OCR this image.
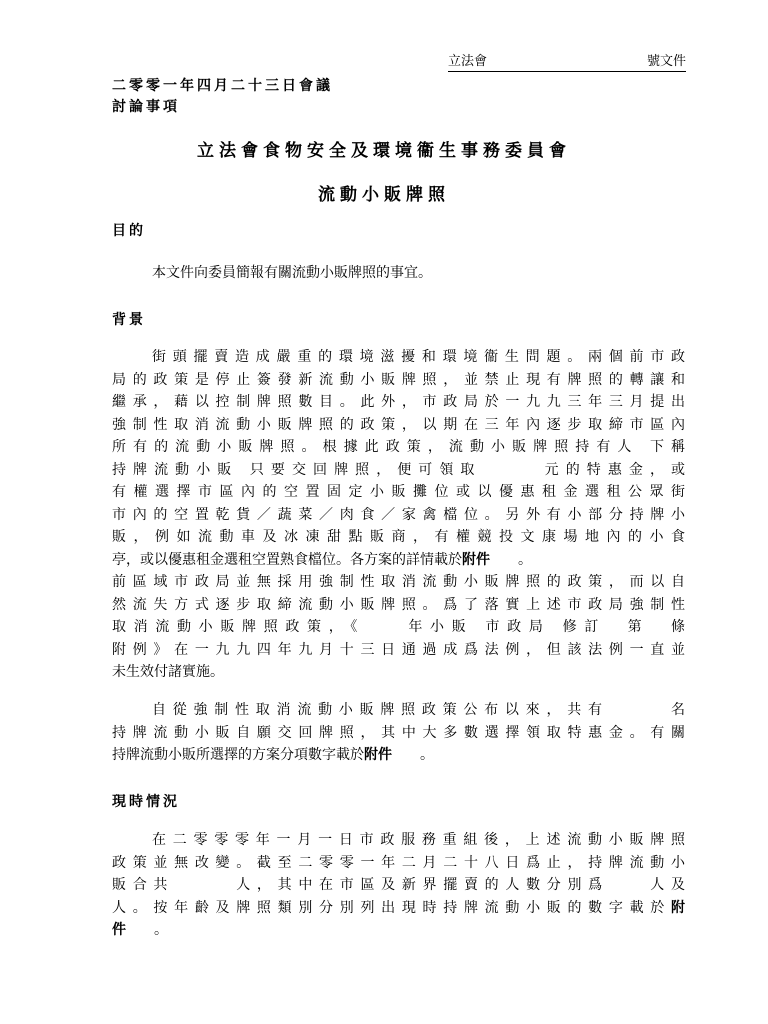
立法會	號文件
二零零一年四月二十三日會議
討論事項
立法會食物安全及環境衞生事務委員會
流動小販牌照
目的
本文件向委員簡報有關流動小販牌照的事宜。
背景
街頭擺賣造成嚴重的環境滋擾和環境衞生問題。兩個前市政
局的政策是停止簽發新流動小販牌照，並禁止現有牌照的轉讓和
繼承，藉以控制牌照數目。此外，市政局於一九九三年三月提出
強制性取消流動小販牌照的政策，以期在三年內逐步取締市區內
所有的流動小販牌照。根據此政策，流動小販牌照持有人 下稱
持牌流動小販 只要交回牌照，便可領取　　　元的特惠金，或
有權選擇市區內的空置固定小販攤位或以優惠租金選租公眾街
市內的空置乾貨／蔬菜／肉食／家禽檔位。另外有小部分持牌小
販，例如流動車及冰凍甜點販商，有權競投文康場地內的小食
亭，或以優惠租金選租空置熟食檔位。各方案的詳情載於附件　　。
前區域市政局並無採用強制性取消流動小販牌照的政策，而以自
然流失方式逐步取締流動小販牌照。爲了落實上述市政局強制性
取消流動小販牌照政策，《　　年小販 市政局 修訂　第　條
附例》在一九九四年九月十三日通過成爲法例，但該法例一直並
未生效付諸實施。
自從強制性取消流動小販牌照政策公布以來，共有　　　名
持牌流動小販自願交回牌照，其中大多數選擇領取特惠金。有關
持牌流動小販所選擇的方案分項數字載於附件　　。
現時情況
在二零零零年一月一日市政服務重組後，上述流動小販牌照
政策並無改變。截至二零零一年二月二十八日爲止，持牌流動小
販合共　　　人，其中在市區及新界擺賣的人數分別爲　　人及
人。按年齡及牌照類別分別列出現時持牌流動小販的數字載於附
件　　。
